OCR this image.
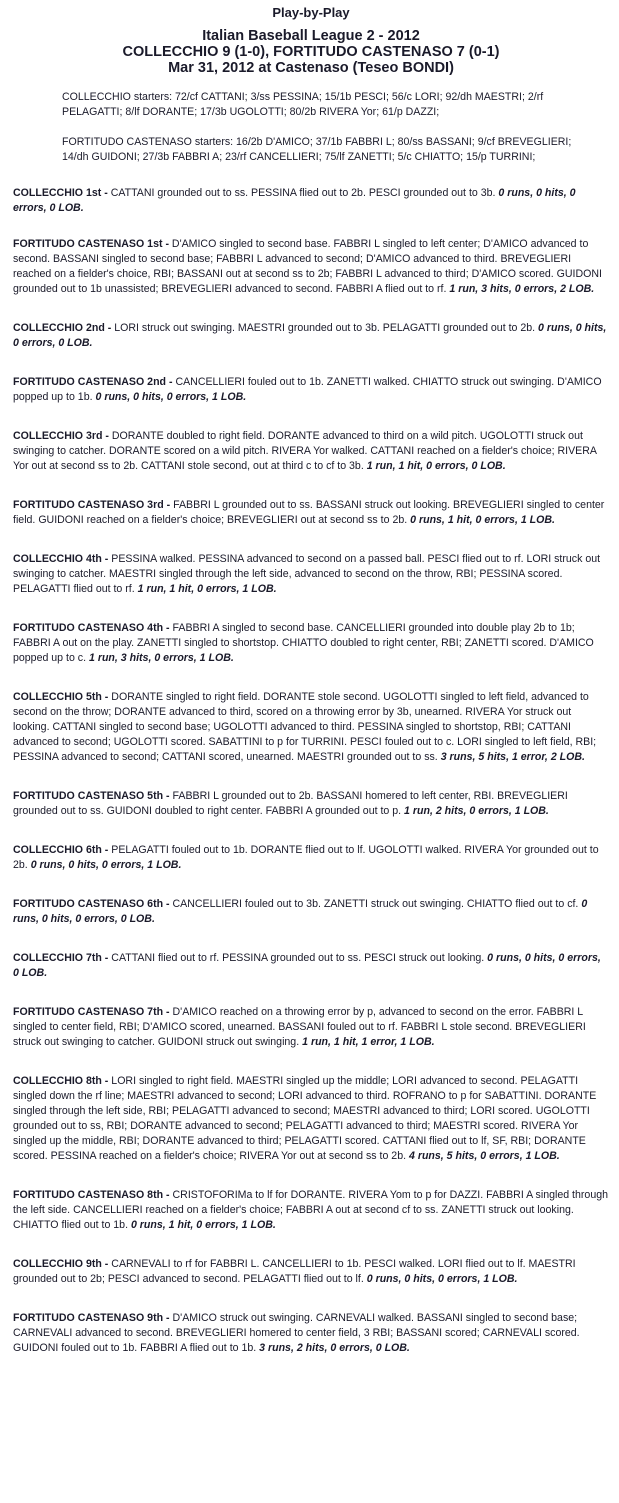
Play-by-Play
Italian Baseball League 2 - 2012
COLLECCHIO 9 (1-0), FORTITUDO CASTENASO 7 (0-1)
Mar 31, 2012 at Castenaso (Teseo BONDI)
COLLECCHIO starters: 72/cf CATTANI; 3/ss PESSINA; 15/1b PESCI; 56/c LORI; 92/dh MAESTRI; 2/rf PELAGATTI; 8/lf DORANTE; 17/3b UGOLOTTI; 80/2b RIVERA Yor; 61/p DAZZI;
FORTITUDO CASTENASO starters: 16/2b D'AMICO; 37/1b FABBRI L; 80/ss BASSANI; 9/cf BREVEGLIERI; 14/dh GUIDONI; 27/3b FABBRI A; 23/rf CANCELLIERI; 75/lf ZANETTI; 5/c CHIATTO; 15/p TURRINI;
COLLECCHIO 1st - CATTANI grounded out to ss. PESSINA flied out to 2b. PESCI grounded out to 3b. 0 runs, 0 hits, 0 errors, 0 LOB.
FORTITUDO CASTENASO 1st - D'AMICO singled to second base. FABBRI L singled to left center; D'AMICO advanced to second. BASSANI singled to second base; FABBRI L advanced to second; D'AMICO advanced to third. BREVEGLIERI reached on a fielder's choice, RBI; BASSANI out at second ss to 2b; FABBRI L advanced to third; D'AMICO scored. GUIDONI grounded out to 1b unassisted; BREVEGLIERI advanced to second. FABBRI A flied out to rf. 1 run, 3 hits, 0 errors, 2 LOB.
COLLECCHIO 2nd - LORI struck out swinging. MAESTRI grounded out to 3b. PELAGATTI grounded out to 2b. 0 runs, 0 hits, 0 errors, 0 LOB.
FORTITUDO CASTENASO 2nd - CANCELLIERI fouled out to 1b. ZANETTI walked. CHIATTO struck out swinging. D'AMICO popped up to 1b. 0 runs, 0 hits, 0 errors, 1 LOB.
COLLECCHIO 3rd - DORANTE doubled to right field. DORANTE advanced to third on a wild pitch. UGOLOTTI struck out swinging to catcher. DORANTE scored on a wild pitch. RIVERA Yor walked. CATTANI reached on a fielder's choice; RIVERA Yor out at second ss to 2b. CATTANI stole second, out at third c to cf to 3b. 1 run, 1 hit, 0 errors, 0 LOB.
FORTITUDO CASTENASO 3rd - FABBRI L grounded out to ss. BASSANI struck out looking. BREVEGLIERI singled to center field. GUIDONI reached on a fielder's choice; BREVEGLIERI out at second ss to 2b. 0 runs, 1 hit, 0 errors, 1 LOB.
COLLECCHIO 4th - PESSINA walked. PESSINA advanced to second on a passed ball. PESCI flied out to rf. LORI struck out swinging to catcher. MAESTRI singled through the left side, advanced to second on the throw, RBI; PESSINA scored. PELAGATTI flied out to rf. 1 run, 1 hit, 0 errors, 1 LOB.
FORTITUDO CASTENASO 4th - FABBRI A singled to second base. CANCELLIERI grounded into double play 2b to 1b; FABBRI A out on the play. ZANETTI singled to shortstop. CHIATTO doubled to right center, RBI; ZANETTI scored. D'AMICO popped up to c. 1 run, 3 hits, 0 errors, 1 LOB.
COLLECCHIO 5th - DORANTE singled to right field. DORANTE stole second. UGOLOTTI singled to left field, advanced to second on the throw; DORANTE advanced to third, scored on a throwing error by 3b, unearned. RIVERA Yor struck out looking. CATTANI singled to second base; UGOLOTTI advanced to third. PESSINA singled to shortstop, RBI; CATTANI advanced to second; UGOLOTTI scored. SABATTINI to p for TURRINI. PESCI fouled out to c. LORI singled to left field, RBI; PESSINA advanced to second; CATTANI scored, unearned. MAESTRI grounded out to ss. 3 runs, 5 hits, 1 error, 2 LOB.
FORTITUDO CASTENASO 5th - FABBRI L grounded out to 2b. BASSANI homered to left center, RBI. BREVEGLIERI grounded out to ss. GUIDONI doubled to right center. FABBRI A grounded out to p. 1 run, 2 hits, 0 errors, 1 LOB.
COLLECCHIO 6th - PELAGATTI fouled out to 1b. DORANTE flied out to lf. UGOLOTTI walked. RIVERA Yor grounded out to 2b. 0 runs, 0 hits, 0 errors, 1 LOB.
FORTITUDO CASTENASO 6th - CANCELLIERI fouled out to 3b. ZANETTI struck out swinging. CHIATTO flied out to cf. 0 runs, 0 hits, 0 errors, 0 LOB.
COLLECCHIO 7th - CATTANI flied out to rf. PESSINA grounded out to ss. PESCI struck out looking. 0 runs, 0 hits, 0 errors, 0 LOB.
FORTITUDO CASTENASO 7th - D'AMICO reached on a throwing error by p, advanced to second on the error. FABBRI L singled to center field, RBI; D'AMICO scored, unearned. BASSANI fouled out to rf. FABBRI L stole second. BREVEGLIERI struck out swinging to catcher. GUIDONI struck out swinging. 1 run, 1 hit, 1 error, 1 LOB.
COLLECCHIO 8th - LORI singled to right field. MAESTRI singled up the middle; LORI advanced to second. PELAGATTI singled down the rf line; MAESTRI advanced to second; LORI advanced to third. ROFRANO to p for SABATTINI. DORANTE singled through the left side, RBI; PELAGATTI advanced to second; MAESTRI advanced to third; LORI scored. UGOLOTTI grounded out to ss, RBI; DORANTE advanced to second; PELAGATTI advanced to third; MAESTRI scored. RIVERA Yor singled up the middle, RBI; DORANTE advanced to third; PELAGATTI scored. CATTANI flied out to lf, SF, RBI; DORANTE scored. PESSINA reached on a fielder's choice; RIVERA Yor out at second ss to 2b. 4 runs, 5 hits, 0 errors, 1 LOB.
FORTITUDO CASTENASO 8th - CRISTOFORIMa to lf for DORANTE. RIVERA Yom to p for DAZZI. FABBRI A singled through the left side. CANCELLIERI reached on a fielder's choice; FABBRI A out at second cf to ss. ZANETTI struck out looking. CHIATTO flied out to 1b. 0 runs, 1 hit, 0 errors, 1 LOB.
COLLECCHIO 9th - CARNEVALI to rf for FABBRI L. CANCELLIERI to 1b. PESCI walked. LORI flied out to lf. MAESTRI grounded out to 2b; PESCI advanced to second. PELAGATTI flied out to lf. 0 runs, 0 hits, 0 errors, 1 LOB.
FORTITUDO CASTENASO 9th - D'AMICO struck out swinging. CARNEVALI walked. BASSANI singled to second base; CARNEVALI advanced to second. BREVEGLIERI homered to center field, 3 RBI; BASSANI scored; CARNEVALI scored. GUIDONI fouled out to 1b. FABBRI A flied out to 1b. 3 runs, 2 hits, 0 errors, 0 LOB.
